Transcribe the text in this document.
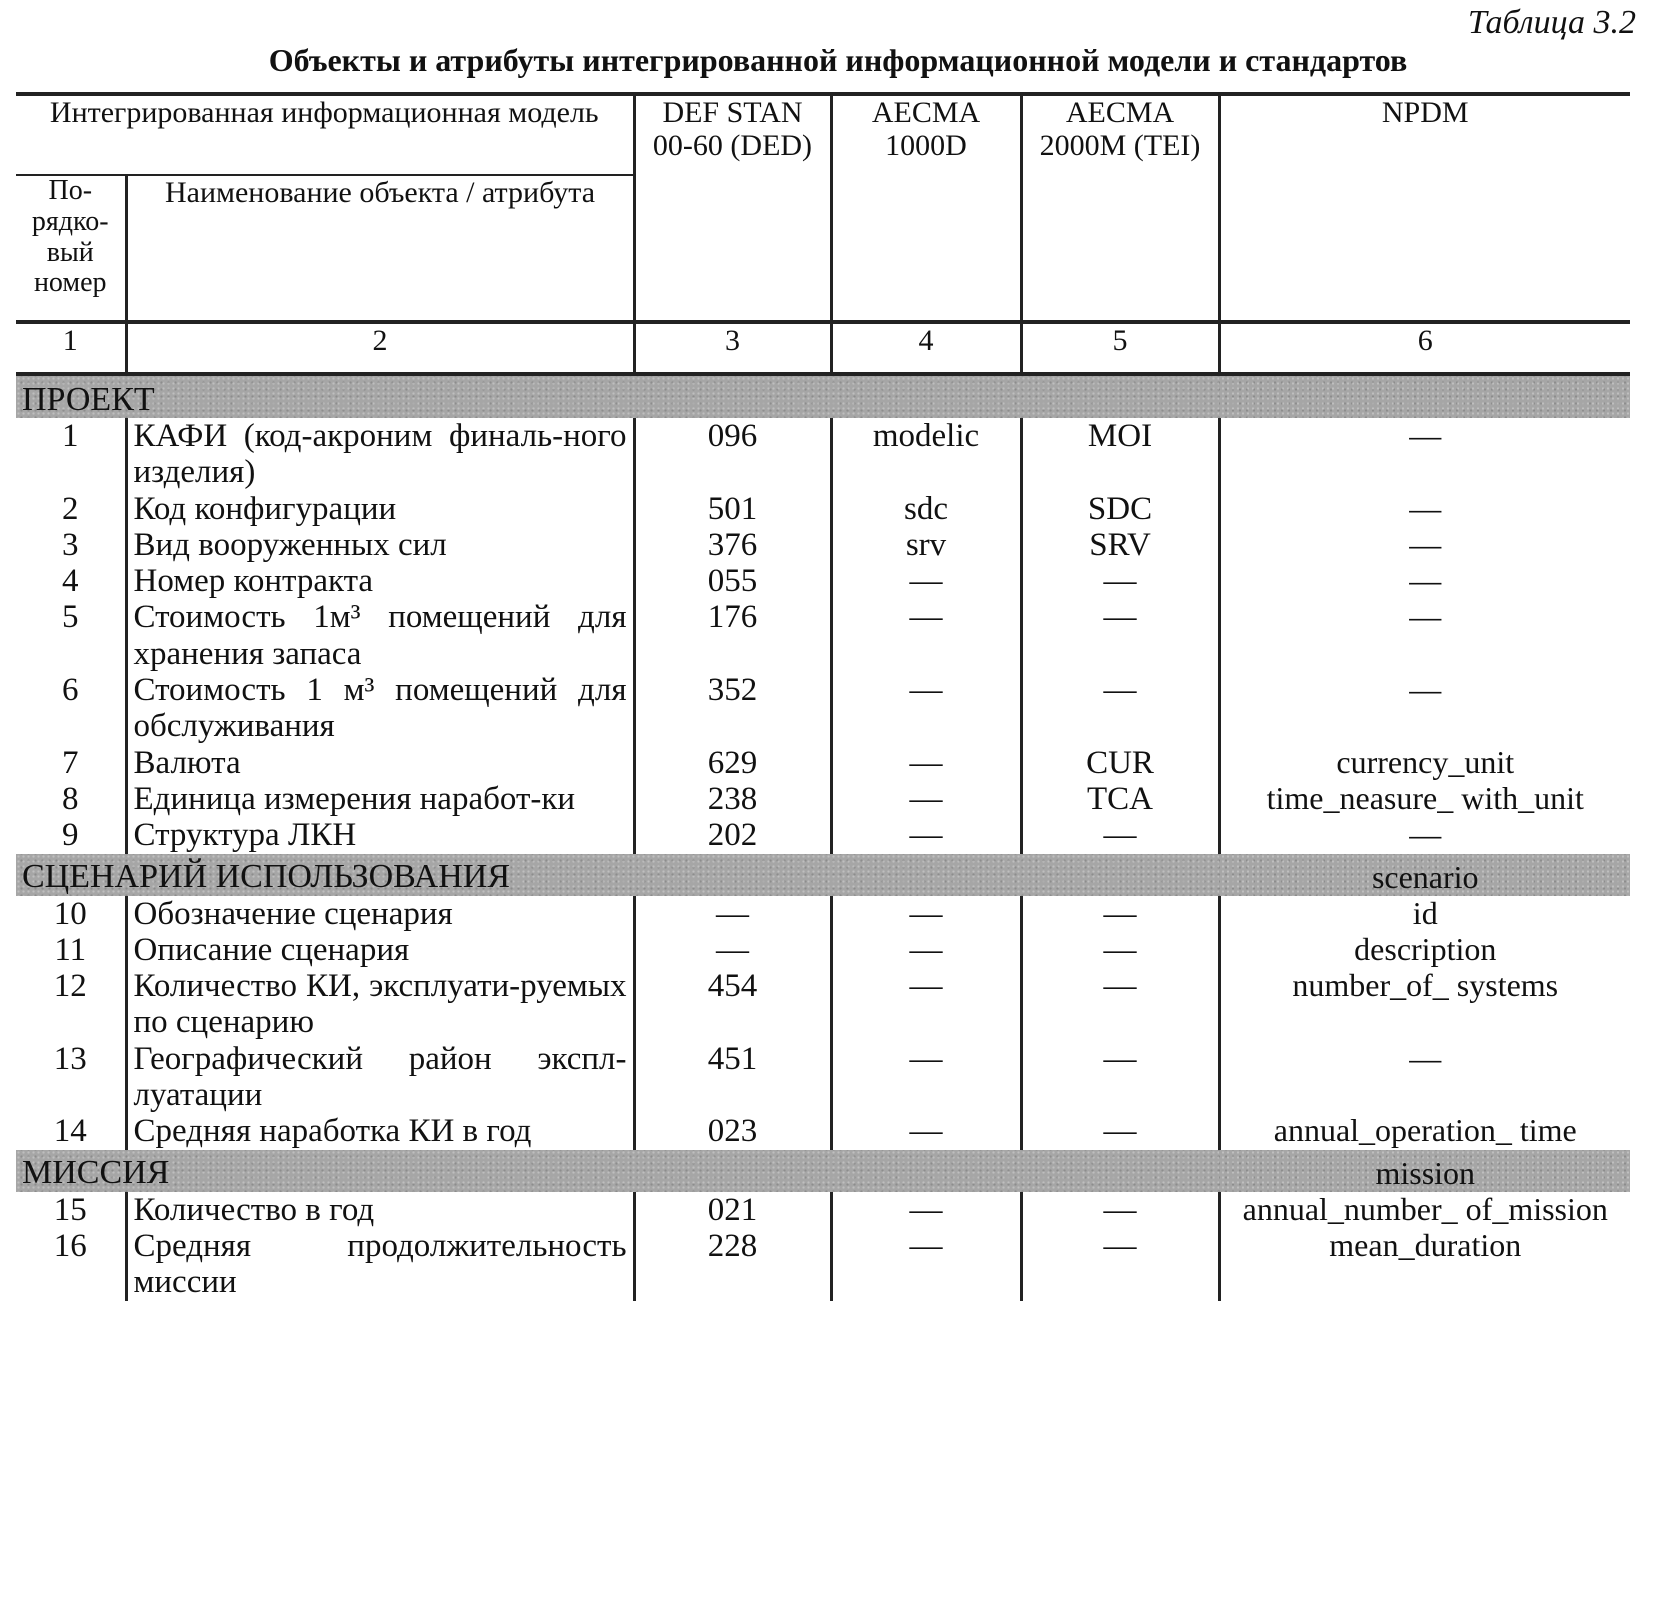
Таблица 3.2
Объекты и атрибуты интегрированной информационной модели и стандартов
Интегрированная информационная модель		DEF STAN 00-60 (DED)	AECMA 1000D	AECMA 2000M (TEI)	NPDM
По-рядко-вый номер	Наименование объекта / атрибута				
1	2	3	4	5	6
ПРОЕКТ					
1	КАФИ (код-акроним финаль-ного изделия)	096	modelic	MOI	—
2	Код конфигурации	501	sdc	SDC	—
3	Вид вооруженных сил	376	srv	SRV	—
4	Номер контракта	055	—	—	—
5	Стоимость 1м³ помещений для хранения запаса	176	—	—	—
6	Стоимость 1 м³ помещений для обслуживания	352	—	—	—
7	Валюта	629	—	CUR	currency_unit
8	Единица измерения наработ-ки	238	—	TCA	time_neasure_ with_unit
9	Структура ЛКН	202	—	—	—
СЦЕНАРИЙ ИСПОЛЬЗОВАНИЯ					scenario
10	Обозначение сценария	—	—	—	id
11	Описание сценария	—	—	—	description
12	Количество КИ, эксплуати-руемых по сценарию	454	—	—	number_of_ systems
13	Географический район экспл-луатации	451	—	—	—
14	Средняя наработка КИ в год	023	—	—	annual_operation_ time
МИССИЯ					mission
15	Количество в год	021	—	—	annual_number_ of_mission
16	Средняя продолжительность миссии	228	—	—	mean_duration
